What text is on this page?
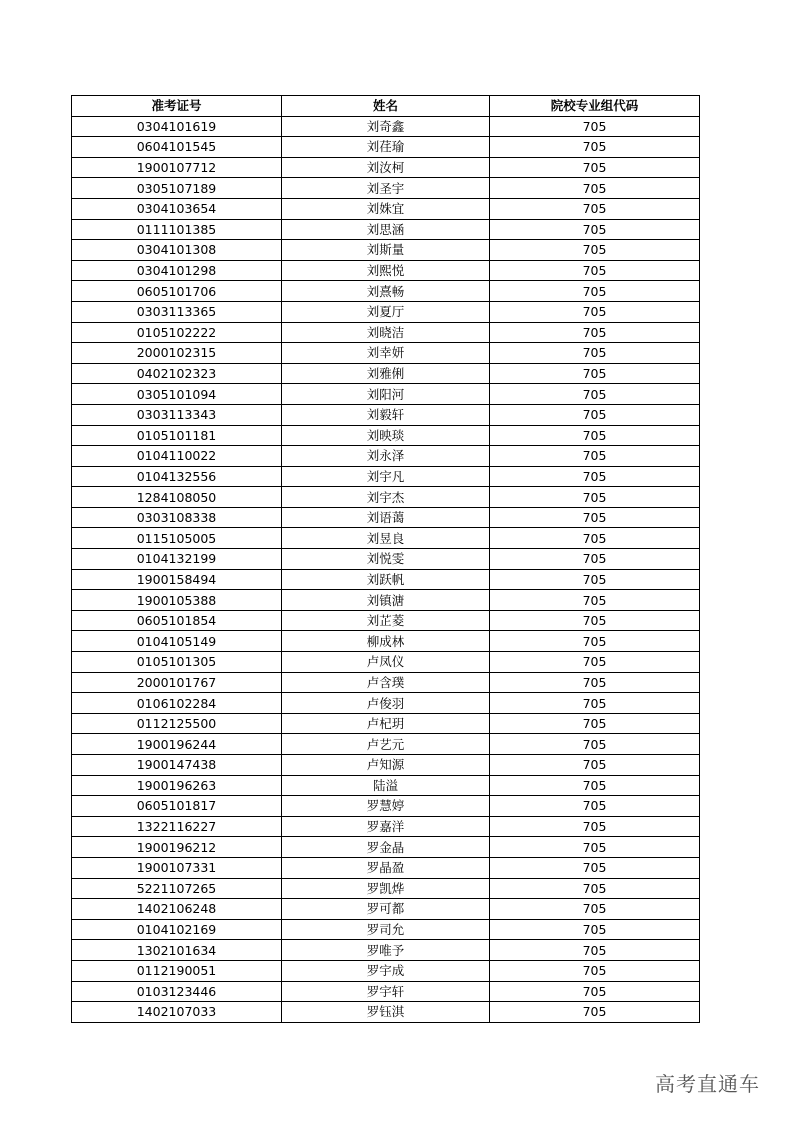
准考证号	姓名	院校专业组代码
0304101619	刘奇鑫	705
0604101545	刘荏瑜	705
1900107712	刘汝柯	705
0305107189	刘圣宇	705
0304103654	刘姝宜	705
0111101385	刘思涵	705
0304101308	刘斯量	705
0304101298	刘熙悦	705
0605101706	刘熹畅	705
0303113365	刘夏厅	705
0105102222	刘晓洁	705
2000102315	刘幸妍	705
0402102323	刘雅俐	705
0305101094	刘阳河	705
0303113343	刘毅轩	705
0105101181	刘映琰	705
0104110022	刘永泽	705
0104132556	刘宇凡	705
1284108050	刘宇杰	705
0303108338	刘语蔼	705
0115105005	刘昱良	705
0104132199	刘悦雯	705
1900158494	刘跃帆	705
1900105388	刘镇溏	705
0605101854	刘芷菱	705
0104105149	柳成林	705
0105101305	卢凤仪	705
2000101767	卢含璞	705
0106102284	卢俊羽	705
0112125500	卢杞玥	705
1900196244	卢艺元	705
1900147438	卢知源	705
1900196263	陆溢	705
0605101817	罗慧婷	705
1322116227	罗嘉洋	705
1900196212	罗金晶	705
1900107331	罗晶盈	705
5221107265	罗凯烨	705
1402106248	罗可都	705
0104102169	罗司允	705
1302101634	罗唯予	705
0112190051	罗宇成	705
0103123446	罗宇轩	705
1402107033	罗钰淇	705
高考直通车
